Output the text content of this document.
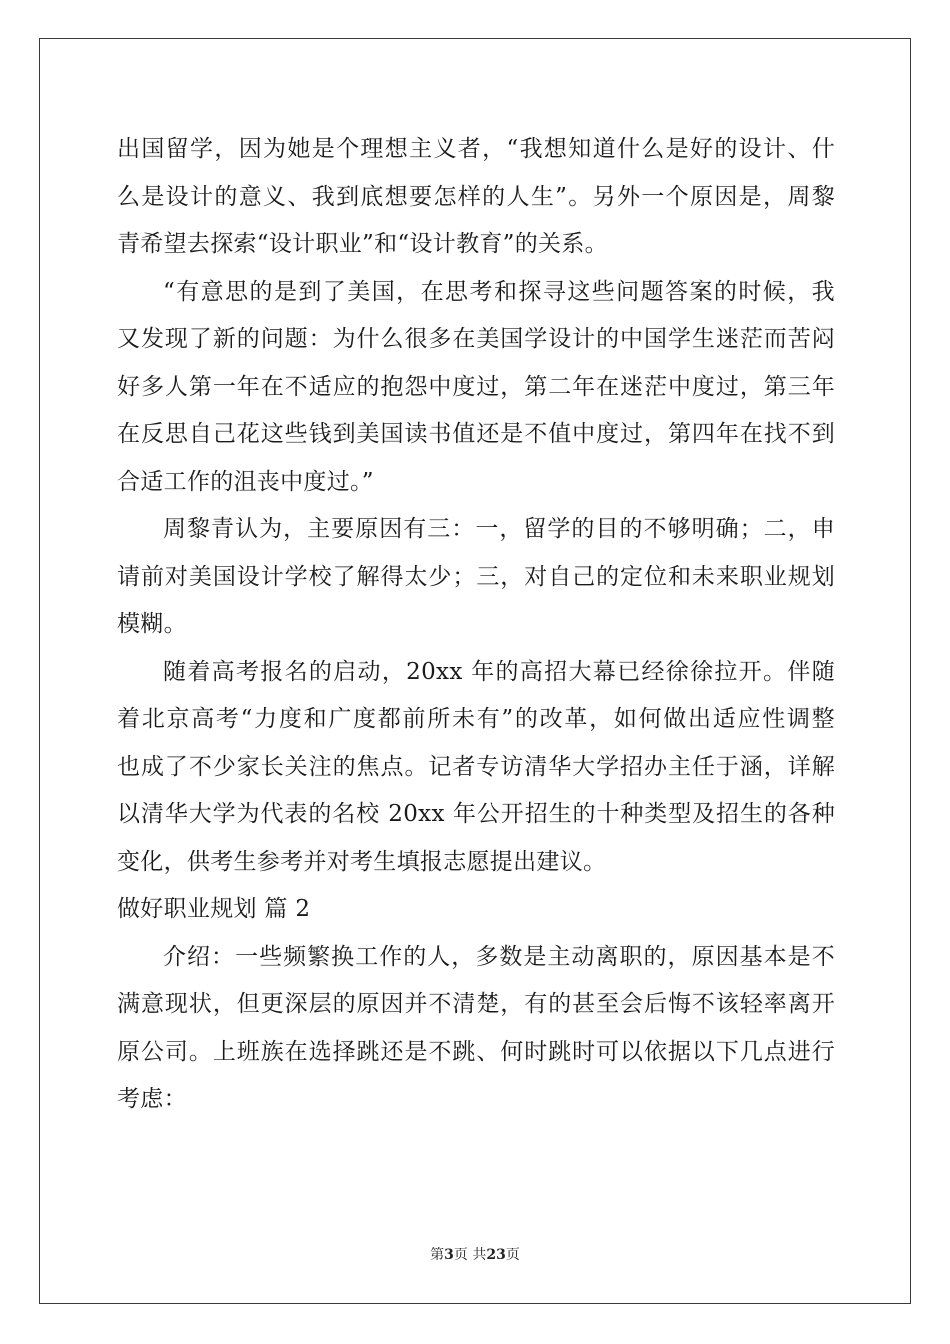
出国留学，因为她是个理想主义者，“我想知道什么是好的设计、什
么是设计的意义、我到底想要怎样的人生”。另外一个原因是，周黎
青希望去探索“设计职业”和“设计教育”的关系。

“有意思的是到了美国，在思考和探寻这些问题答案的时候，我
又发现了新的问题：为什么很多在美国学设计的中国学生迷茫而苦闷
好多人第一年在不适应的抱怨中度过，第二年在迷茫中度过，第三年
在反思自己花这些钱到美国读书值还是不值中度过，第四年在找不到
合适工作的沮丧中度过。”

周黎青认为，主要原因有三：一，留学的目的不够明确；二，申
请前对美国设计学校了解得太少；三，对自己的定位和未来职业规划
模糊。

随着高考报名的启动，20xx 年的高招大幕已经徐徐拉开。伴随
着北京高考“力度和广度都前所未有”的改革，如何做出适应性调整
也成了不少家长关注的焦点。记者专访清华大学招办主任于涵，详解
以清华大学为代表的名校 20xx 年公开招生的十种类型及招生的各种
变化，供考生参考并对考生填报志愿提出建议。

做好职业规划 篇 2

介绍：一些频繁换工作的人，多数是主动离职的，原因基本是不
满意现状，但更深层的原因并不清楚，有的甚至会后悔不该轻率离开
原公司。上班族在选择跳还是不跳、何时跳时可以依据以下几点进行
考虑：

第3页 共23页
